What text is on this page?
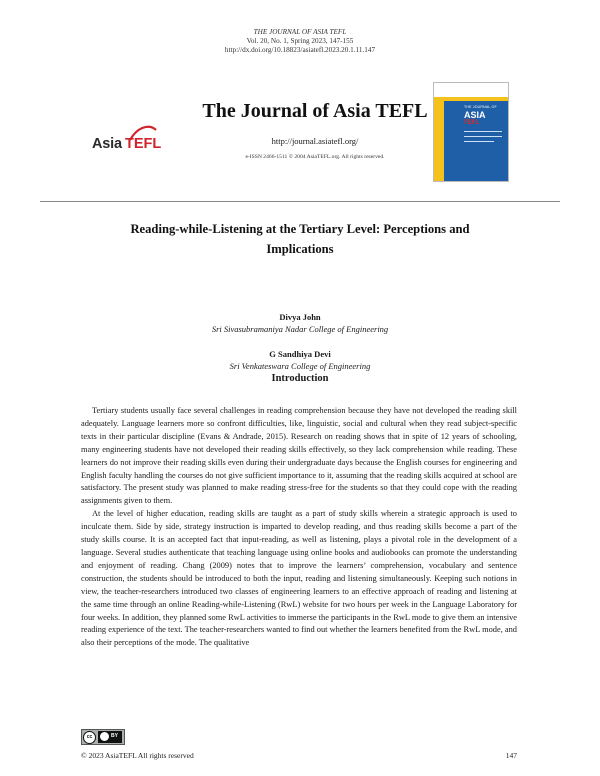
THE JOURNAL OF ASIA TEFL
Vol. 20, No. 1, Spring 2023, 147-155
http://dx.doi.org/10.18823/asiatefl.2023.20.1.11.147
Asia TEFL
The Journal of Asia TEFL
http://journal.asiatefl.org/
e-ISSN 2466-1511 © 2004 AsiaTEFL.org. All rights reserved.
THE JOURNAL OF
ASIA
TEFL
Reading-while-Listening at the Tertiary Level: Perceptions and Implications
Divya John
Sri Sivasubramaniya Nadar College of Engineering
G Sandhiya Devi
Sri Venkateswara College of Engineering
Introduction

Tertiary students usually face several challenges in reading comprehension because they have not developed the reading skill adequately. Language learners more so confront difficulties, like, linguistic, social and cultural when they read subject-specific texts in their particular discipline (Evans & Andrade, 2015). Research on reading shows that in spite of 12 years of schooling, many engineering students have not developed their reading skills effectively, so they lack comprehension while reading. These learners do not improve their reading skills even during their undergraduate days because the English courses for engineering and English faculty handling the courses do not give sufficient importance to it, assuming that the reading skills acquired at school are satisfactory. The present study was planned to make reading stress-free for the students so that they could cope with the reading assignments given to them.

At the level of higher education, reading skills are taught as a part of study skills wherein a strategic approach is used to inculcate them. Side by side, strategy instruction is imparted to develop reading, and thus reading skills become a part of the study skills course. It is an accepted fact that input-reading, as well as listening, plays a pivotal role in the development of a language. Several studies authenticate that teaching language using online books and audiobooks can promote the understanding and enjoyment of reading. Chang (2009) notes that to improve the learners’ comprehension, vocabulary and sentence construction, the students should be introduced to both the input, reading and listening simultaneously. Keeping such notions in view, the teacher-researchers introduced two classes of engineering learners to an effective approach of reading and listening at the same time through an online Reading-while-Listening (RwL) website for two hours per week in the Language Laboratory for four weeks. In addition, they planned some RwL activities to immerse the participants in the RwL mode to give them an intensive reading experience of the text. The teacher-researchers wanted to find out whether the learners benefited from the RwL mode, and also their perceptions of the mode. The qualitative

cc	BY
© 2023 AsiaTEFL All rights reserved	147
